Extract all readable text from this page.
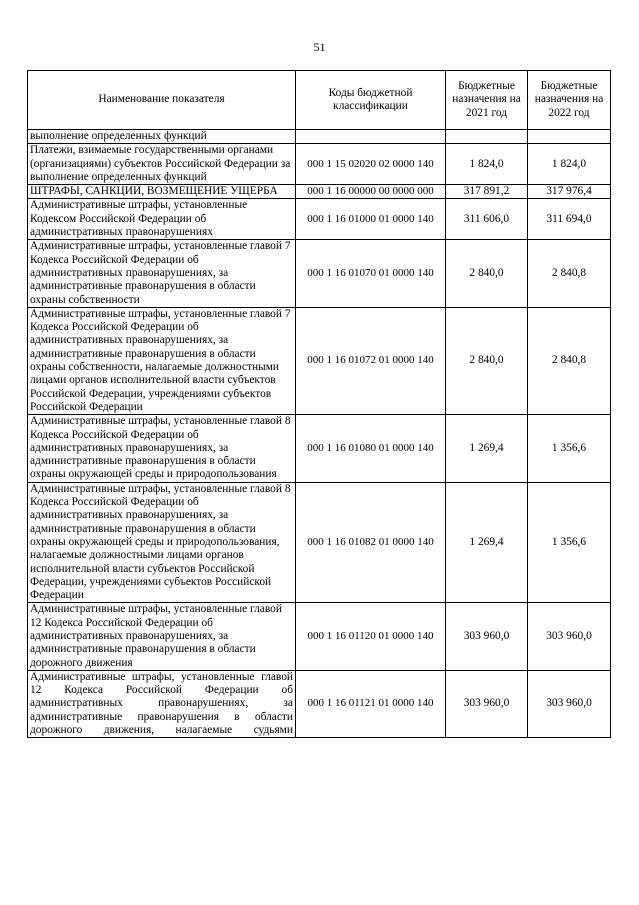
51
Наименование показателя	Коды бюджетной классификации	Бюджетные назначения на 2021 год	Бюджетные назначения на 2022 год
выполнение определенных функций			
Платежи, взимаемые государственными органами (организациями) субъектов Российской Федерации за выполнение определенных функций	000 1 15 02020 02 0000 140	1 824,0	1 824,0
ШТРАФЫ, САНКЦИИ, ВОЗМЕЩЕНИЕ УЩЕРБА	000 1 16 00000 00 0000 000	317 891,2	317 976,4
Административные штрафы, установленные Кодексом Российской Федерации об административных правонарушениях	000 1 16 01000 01 0000 140	311 606,0	311 694,0
Административные штрафы, установленные главой 7 Кодекса Российской Федерации об административных правонарушениях, за административные правонарушения в области охраны собственности	000 1 16 01070 01 0000 140	2 840,0	2 840,8
Административные штрафы, установленные главой 7 Кодекса Российской Федерации об административных правонарушениях, за административные правонарушения в области охраны собственности, налагаемые должностными лицами органов исполнительной власти субъектов Российской Федерации, учреждениями субъектов Российской Федерации	000 1 16 01072 01 0000 140	2 840,0	2 840,8
Административные штрафы, установленные главой 8 Кодекса Российской Федерации об административных правонарушениях, за административные правонарушения в области охраны окружающей среды и природопользования	000 1 16 01080 01 0000 140	1 269,4	1 356,6
Административные штрафы, установленные главой 8 Кодекса Российской Федерации об административных правонарушениях, за административные правонарушения в области охраны окружающей среды и природопользования, налагаемые должностными лицами органов исполнительной власти субъектов Российской Федерации, учреждениями субъектов Российской Федерации	000 1 16 01082 01 0000 140	1 269,4	1 356,6
Административные штрафы, установленные главой 12 Кодекса Российской Федерации об административных правонарушениях, за административные правонарушения в области дорожного движения	000 1 16 01120 01 0000 140	303 960,0	303 960,0
Административные штрафы, установленные главой 12 Кодекса Российской Федерации об административных правонарушениях, за административные правонарушения в области дорожного движения, налагаемые судьями	000 1 16 01121 01 0000 140	303 960,0	303 960,0
